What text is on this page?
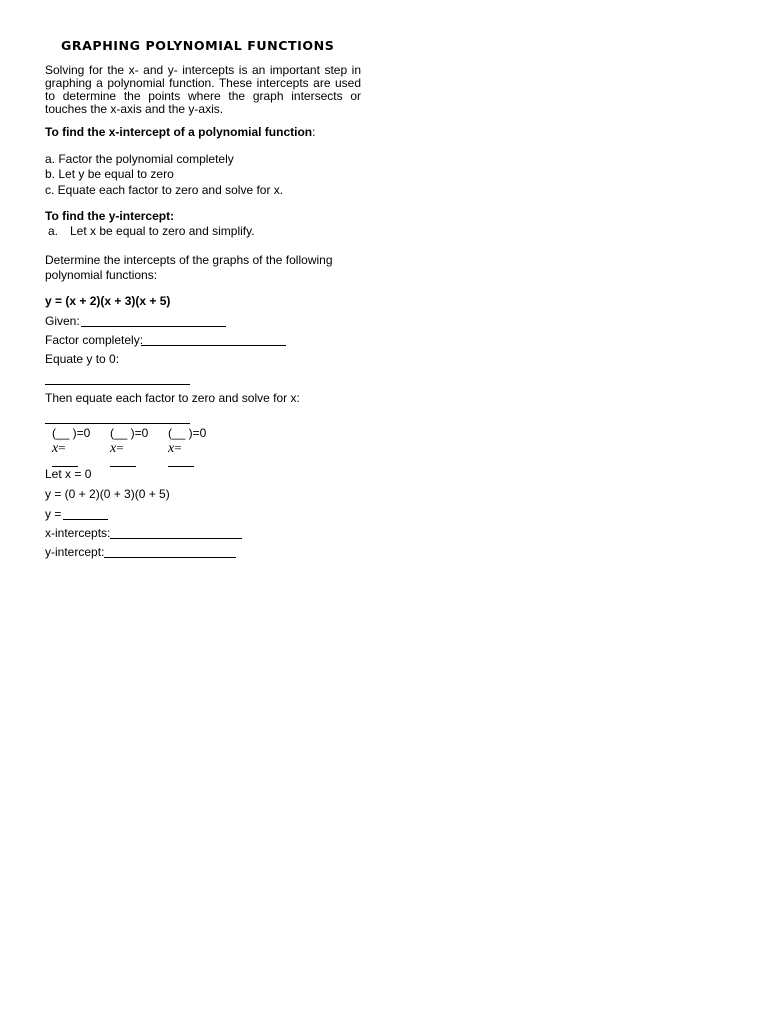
GRAPHING POLYNOMIAL FUNCTIONS
Solving for the x- and y- intercepts is an important step in graphing a polynomial function. These intercepts are used to determine the points where the graph intersects or touches the x-axis and the y-axis.
To find the x-intercept of a polynomial function:
a. Factor the polynomial completely
b. Let y be equal to zero
c. Equate each factor to zero and solve for x.
To find the y-intercept:
a. Let x be equal to zero and simplify.
Determine the intercepts of the graphs of the following
polynomial functions:
y = (x + 2)(x + 3)(x + 5)
Given:
Factor completely:
Equate y to 0:
Then equate each factor to zero and solve for x:
(__ )=0
x=
(__ )=0
x=
(__ )=0
x=
Let x = 0
y = (0 + 2)(0 + 3)(0 + 5)
y =
x-intercepts:
y-intercept:
